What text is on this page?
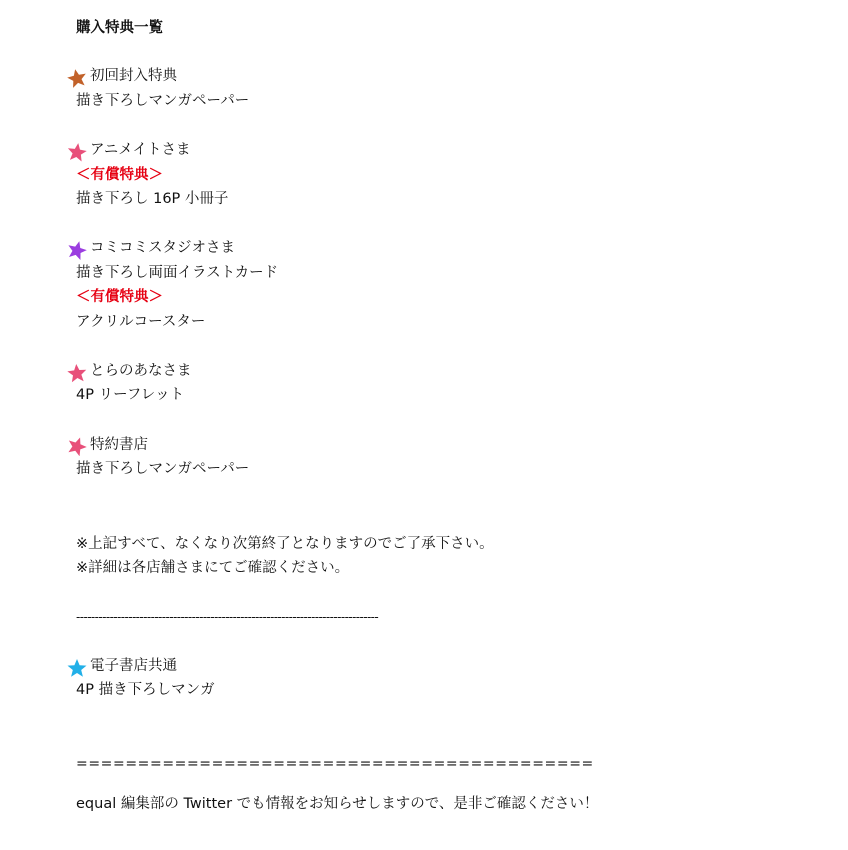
購入特典一覧
初回封入特典
描き下ろしマンガペーパー
アニメイトさま
＜有償特典＞
描き下ろし 16P 小冊子
コミコミスタジオさま
描き下ろし両面イラストカード
＜有償特典＞
アクリルコースター
とらのあなさま
4P リーフレット
特約書店
描き下ろしマンガペーパー
※上記すべて、なくなり次第終了となりますのでご了承下さい。
※詳細は各店舗さまにてご確認ください。
---------------------------------------------------------------------------------
電子書店共通
4P 描き下ろしマンガ
==========================================
equal 編集部の Twitter でも情報をお知らせしますので、是非ご確認ください！
